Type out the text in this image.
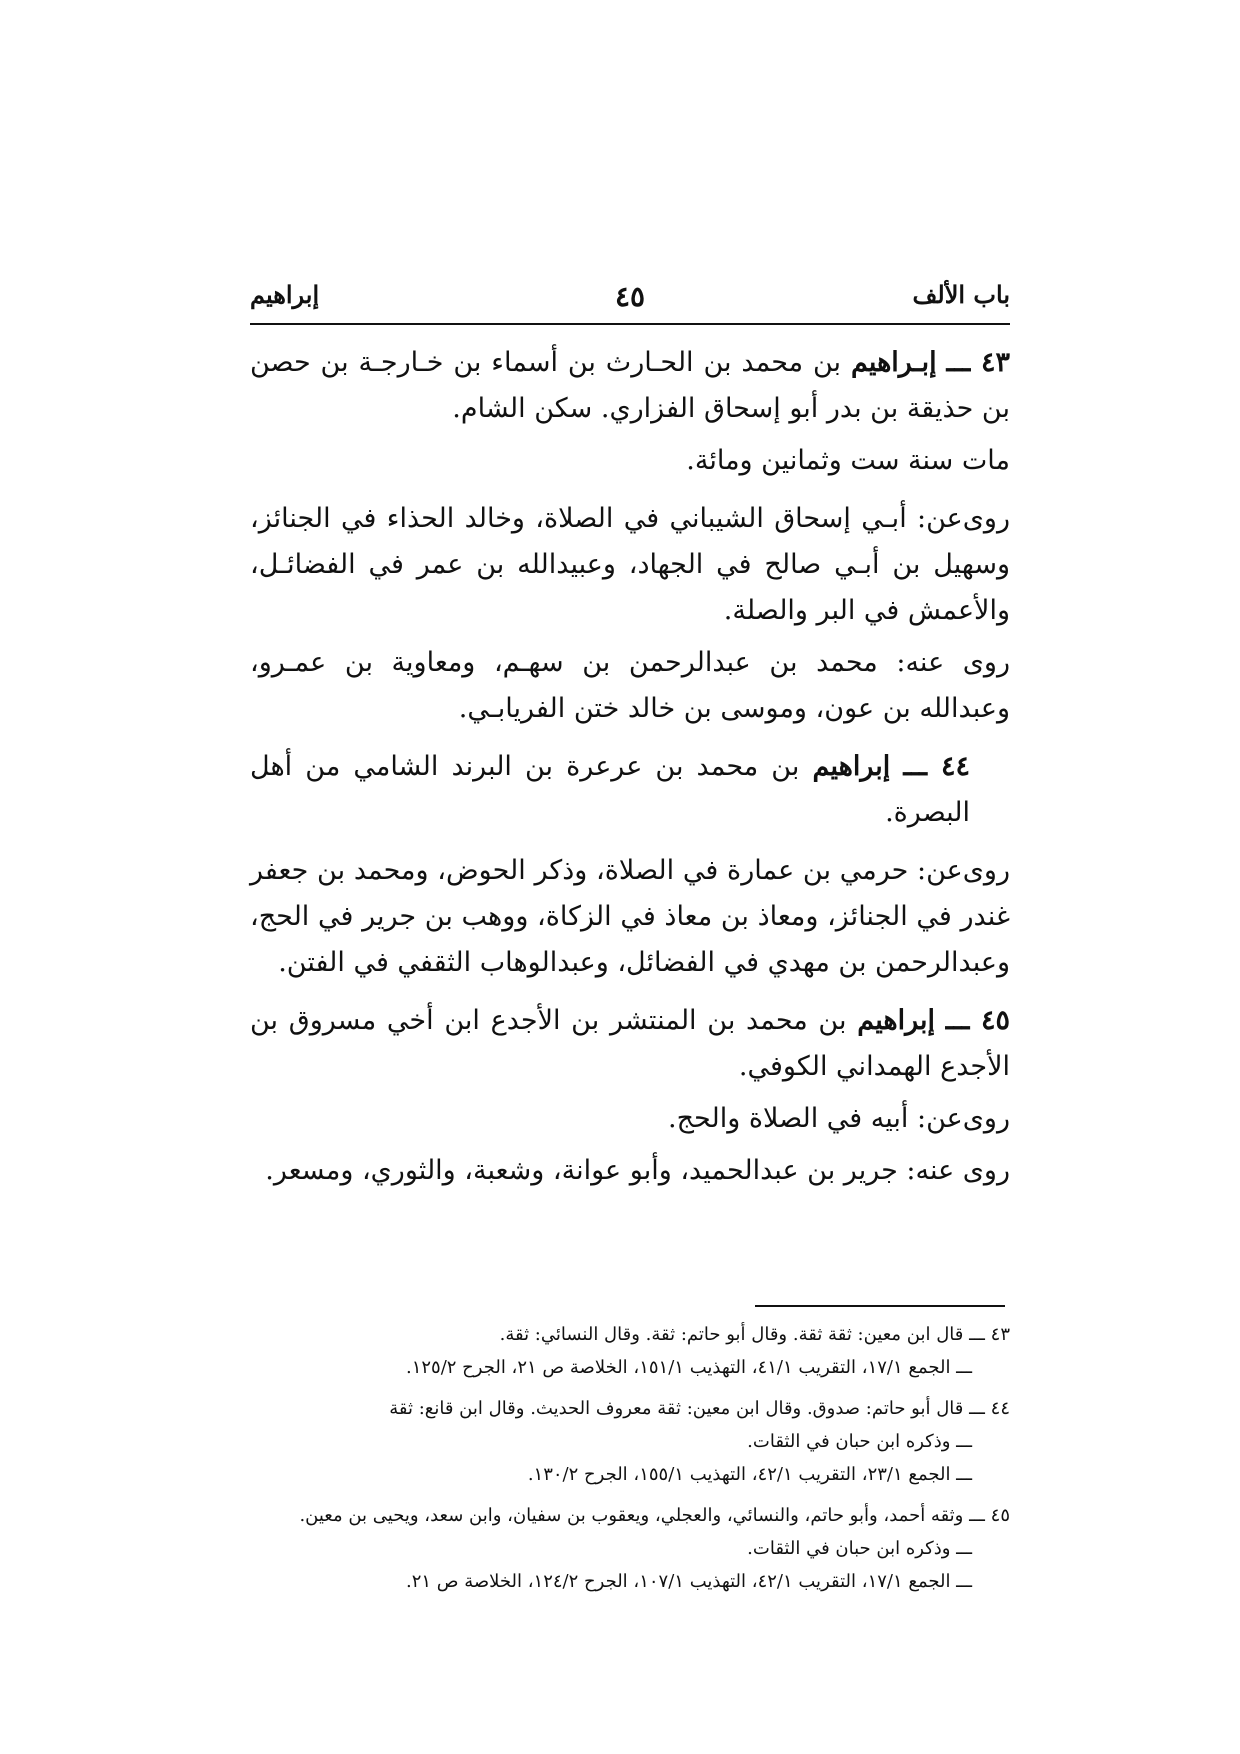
باب الألف
٤٥
إبراهيم

٤٣ ـــ إبـراهيم بن محمد بن الحـارث بن أسماء بن خـارجـة بن حصن بن حذيقة بن بدر أبو إسحاق الفزاري. سكن الشام.

مات سنة ست وثمانين ومائة.

روى‌عن: أبـي إسحاق الشيباني في الصلاة، وخالد الحذاء في الجنائز، وسهيل بن أبـي صالح في الجهاد، وعبيدالله بن عمر في الفضائـل، والأعمش في البر والصلة.

روى عنه: محمد بن عبدالرحمن بن سهـم، ومعاوية بن عمـرو، وعبدالله بن عون، وموسى بن خالد ختن الفريابـي.

٤٤ ـــ إبراهيم بن محمد بن عرعرة بن البرند الشامي من أهل البصرة.

روى‌عن: حرمي بن عمارة في الصلاة، وذكر الحوض، ومحمد بن جعفر غندر في الجنائز، ومعاذ بن معاذ في الزكاة، ووهب بن جرير في الحج، وعبدالرحمن بن مهدي في الفضائل، وعبدالوهاب الثقفي في الفتن.

٤٥ ـــ إبراهيم بن محمد بن المنتشر بن الأجدع ابن أخي مسروق بن الأجدع الهمداني الكوفي.

روى‌عن: أبيه في الصلاة والحج.

روى عنه: جرير بن عبدالحميد، وأبو عوانة، وشعبة، والثوري، ومسعر.

٤٣ ـــ قال ابن معين: ثقة ثقة. وقال أبو حاتم: ثقة. وقال النسائي: ثقة.

ـــ الجمع ١٧/١، التقريب ٤١/١، التهذيب ١٥١/١، الخلاصة ص ٢١، الجرح ١٢٥/٢.

٤٤ ـــ قال أبو حاتم: صدوق. وقال ابن معين: ثقة معروف الحديث. وقال ابن قانع: ثقة

ـــ وذكره ابن حبان في الثقات.

ـــ الجمع ٢٣/١، التقريب ٤٢/١، التهذيب ١٥٥/١، الجرح ١٣٠/٢.

٤٥ ـــ وثقه أحمد، وأبو حاتم، والنسائي، والعجلي، ويعقوب بن سفيان، وابن سعد، ويحيى بن معين.

ـــ وذكره ابن حبان في الثقات.

ـــ الجمع ١٧/١، التقريب ٤٢/١، التهذيب ١٠٧/١، الجرح ١٢٤/٢، الخلاصة ص ٢١.
